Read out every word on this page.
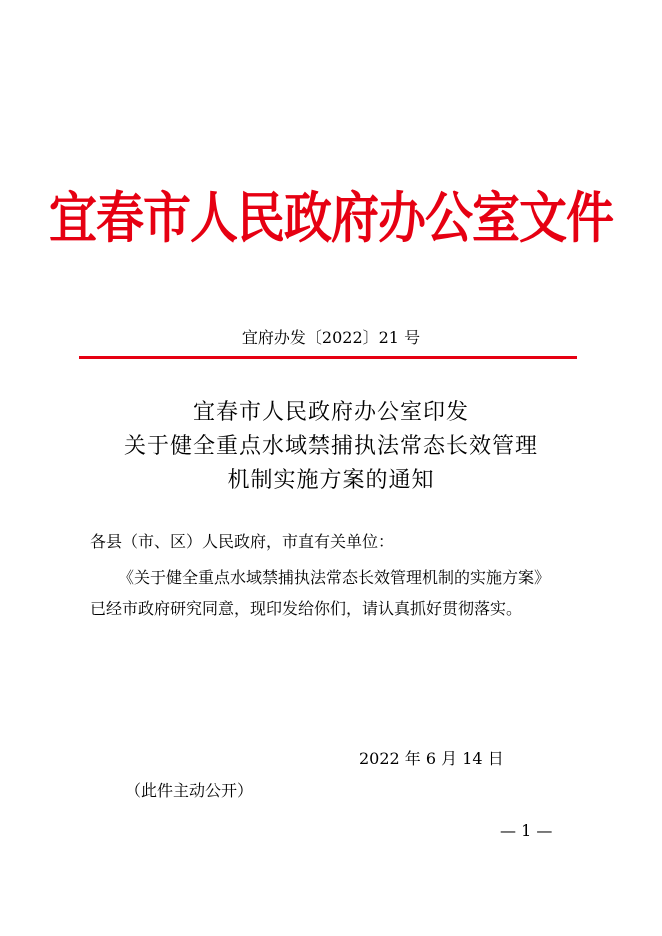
宜春市人民政府办公室文件
宜府办发〔2022〕21 号
宜春市人民政府办公室印发
关于健全重点水域禁捕执法常态长效管理
机制实施方案的通知
各县（市、区）人民政府，市直有关单位：
《关于健全重点水域禁捕执法常态长效管理机制的实施方案》
已经市政府研究同意，现印发给你们，请认真抓好贯彻落实。
2022 年 6 月 14 日
（此件主动公开）
— 1 —
